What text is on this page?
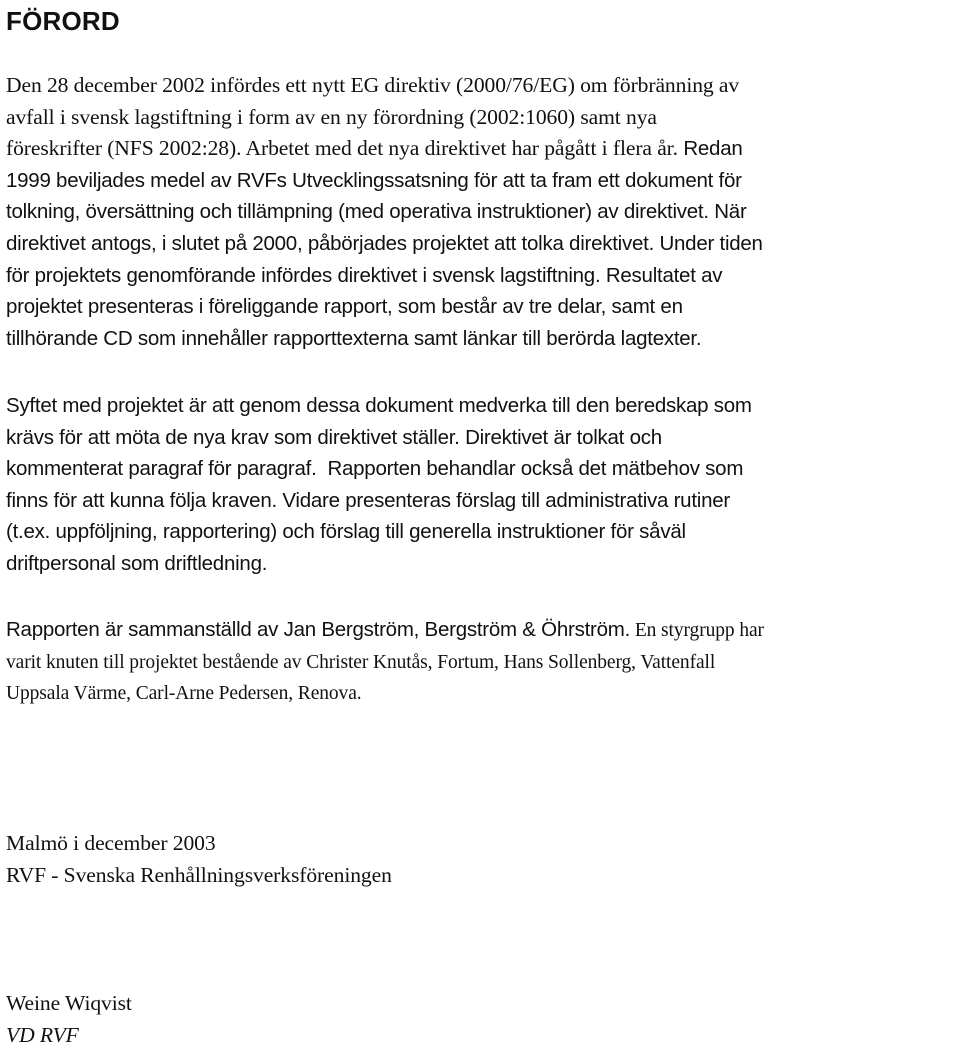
FÖRORD
Den 28 december 2002 infördes ett nytt EG direktiv (2000/76/EG) om förbränning av
avfall i svensk lagstiftning i form av en ny förordning (2002:1060) samt nya
föreskrifter (NFS 2002:28). Arbetet med det nya direktivet har pågått i flera år. Redan
1999 beviljades medel av RVFs Utvecklingssatsning för att ta fram ett dokument för
tolkning, översättning och tillämpning (med operativa instruktioner) av direktivet. När
direktivet antogs, i slutet på 2000, påbörjades projektet att tolka direktivet. Under tiden
för projektets genomförande infördes direktivet i svensk lagstiftning. Resultatet av
projektet presenteras i föreliggande rapport, som består av tre delar, samt en
tillhörande CD som innehåller rapporttexterna samt länkar till berörda lagtexter.
Syftet med projektet är att genom dessa dokument medverka till den beredskap som
krävs för att möta de nya krav som direktivet ställer. Direktivet är tolkat och
kommenterat paragraf för paragraf.  Rapporten behandlar också det mätbehov som
finns för att kunna följa kraven. Vidare presenteras förslag till administrativa rutiner
(t.ex. uppföljning, rapportering) och förslag till generella instruktioner för såväl
driftpersonal som driftledning.
Rapporten är sammanställd av Jan Bergström, Bergström & Öhrström. En styrgrupp har
varit knuten till projektet bestående av Christer Knutås, Fortum, Hans Sollenberg, Vattenfall
Uppsala Värme, Carl-Arne Pedersen, Renova.
Malmö i december 2003
RVF - Svenska Renhållningsverksföreningen
Weine Wiqvist
VD RVF
